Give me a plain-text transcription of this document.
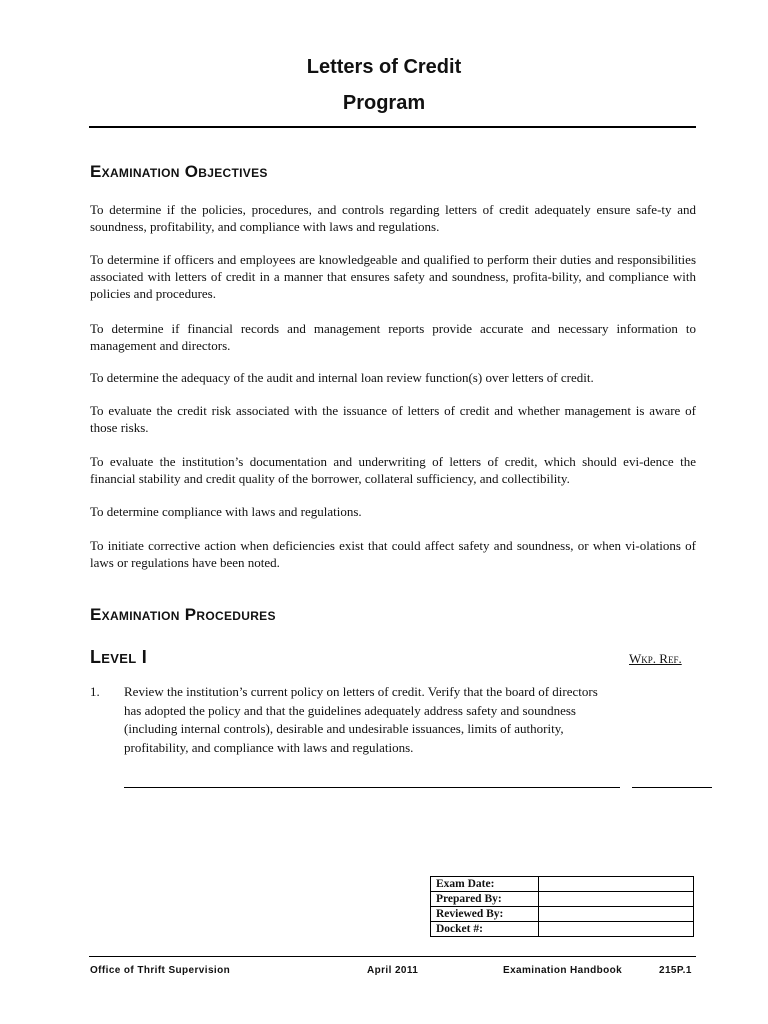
Letters of Credit
Program
Examination Objectives
To determine if the policies, procedures, and controls regarding letters of credit adequately ensure safe-ty and soundness, profitability, and compliance with laws and regulations.
To determine if officers and employees are knowledgeable and qualified to perform their duties and responsibilities associated with letters of credit in a manner that ensures safety and soundness, profita-bility, and compliance with policies and procedures.
To determine if financial records and management reports provide accurate and necessary information to management and directors.
To determine the adequacy of the audit and internal loan review function(s) over letters of credit.
To evaluate the credit risk associated with the issuance of letters of credit and whether management is aware of those risks.
To evaluate the institution’s documentation and underwriting of letters of credit, which should evi-dence the financial stability and credit quality of the borrower, collateral sufficiency, and collectibility.
To determine compliance with laws and regulations.
To initiate corrective action when deficiencies exist that could affect safety and soundness, or when vi-olations of laws or regulations have been noted.
Examination Procedures
Level I	Wkp. Ref.
1. Review the institution’s current policy on letters of credit. Verify that the board of directors has adopted the policy and that the guidelines adequately address safety and soundness (including internal controls), desirable and undesirable issuances, limits of authority, profitability, and compliance with laws and regulations.
Exam Date:	
Prepared By:	
Reviewed By:	
Docket #:	
Office of Thrift Supervision	April 2011	Examination Handbook	215P.1
